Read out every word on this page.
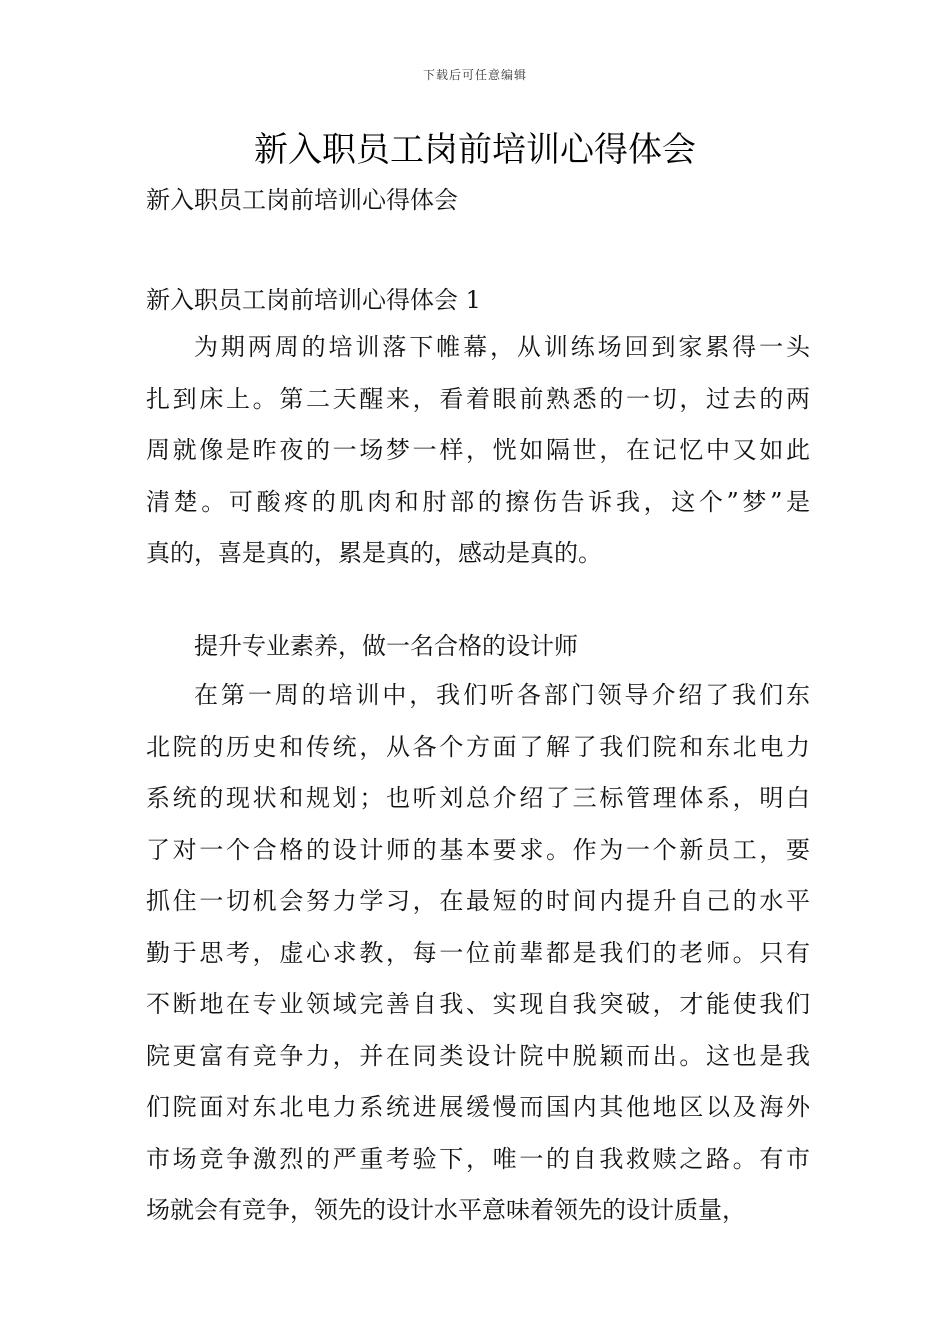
下载后可任意编辑
新入职员工岗前培训心得体会
新入职员工岗前培训心得体会
新入职员工岗前培训心得体会 1
为期两周的培训落下帷幕，从训练场回到家累得一头
扎到床上。第二天醒来，看着眼前熟悉的一切，过去的两
周就像是昨夜的一场梦一样，恍如隔世，在记忆中又如此
清楚。可酸疼的肌肉和肘部的擦伤告诉我，这个”梦”是
真的，喜是真的，累是真的，感动是真的。
提升专业素养，做一名合格的设计师
在第一周的培训中，我们听各部门领导介绍了我们东
北院的历史和传统，从各个方面了解了我们院和东北电力
系统的现状和规划；也听刘总介绍了三标管理体系，明白
了对一个合格的设计师的基本要求。作为一个新员工，要
抓住一切机会努力学习，在最短的时间内提升自己的水平
勤于思考，虚心求教，每一位前辈都是我们的老师。只有
不断地在专业领域完善自我、实现自我突破，才能使我们
院更富有竞争力，并在同类设计院中脱颖而出。这也是我
们院面对东北电力系统进展缓慢而国内其他地区以及海外
市场竞争激烈的严重考验下，唯一的自我救赎之路。有市
场就会有竞争，领先的设计水平意味着领先的设计质量，
